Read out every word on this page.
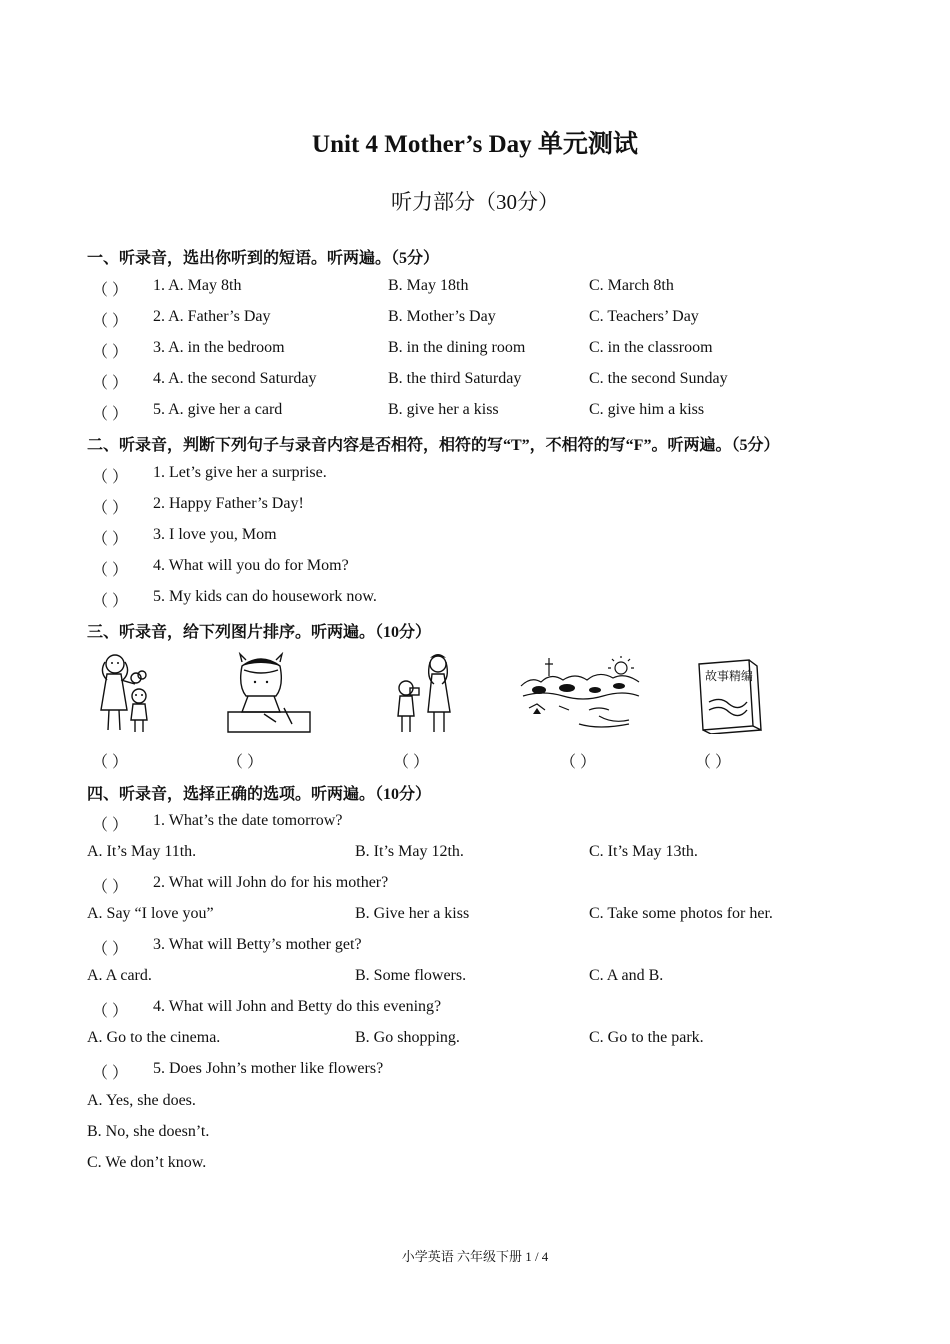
Unit 4 Mother’s Day 单元测试
听力部分（30分）
一、听录音，选出你听到的短语。听两遍。（5分）
（ ） 1. A. May 8th	B. May 18th	C. March 8th
（ ） 2. A. Father’s Day	B. Mother’s Day	C. Teachers’ Day
（ ） 3. A. in the bedroom	B. in the dining room	C. in the classroom
（ ） 4. A. the second Saturday	B. the third Saturday	C. the second Sunday
（ ） 5. A. give her a card	B. give her a kiss	C. give him a kiss
二、听录音，判断下列句子与录音内容是否相符，相符的写“T”，不相符的写“F”。听两遍。（5分）
（ ） 1. Let’s give her a surprise.
（ ） 2. Happy Father’s Day!
（ ） 3. I love you, Mom
（ ） 4. What will you do for Mom?
（ ） 5. My kids can do housework now.
三、听录音，给下列图片排序。听两遍。（10分）
故事精编
（ ）	（ ）	（ ）	（ ）	（ ）
四、听录音，选择正确的选项。听两遍。（10分）
（ ） 1. What’s the date tomorrow?
A. It’s May 11th.	B. It’s May 12th.	C. It’s May 13th.
（ ） 2. What will John do for his mother?
A. Say “I love you”	B. Give her a kiss	C. Take some photos for her.
（ ） 3. What will Betty’s mother get?
A. A card.	B. Some flowers.	C. A and B.
（ ） 4. What will John and Betty do this evening?
A. Go to the cinema.	B. Go shopping.	C. Go to the park.
（ ） 5. Does John’s mother like flowers?
A. Yes, she does.
B. No, she doesn’t.
C. We don’t know.
小学英语 六年级下册 1 / 4
